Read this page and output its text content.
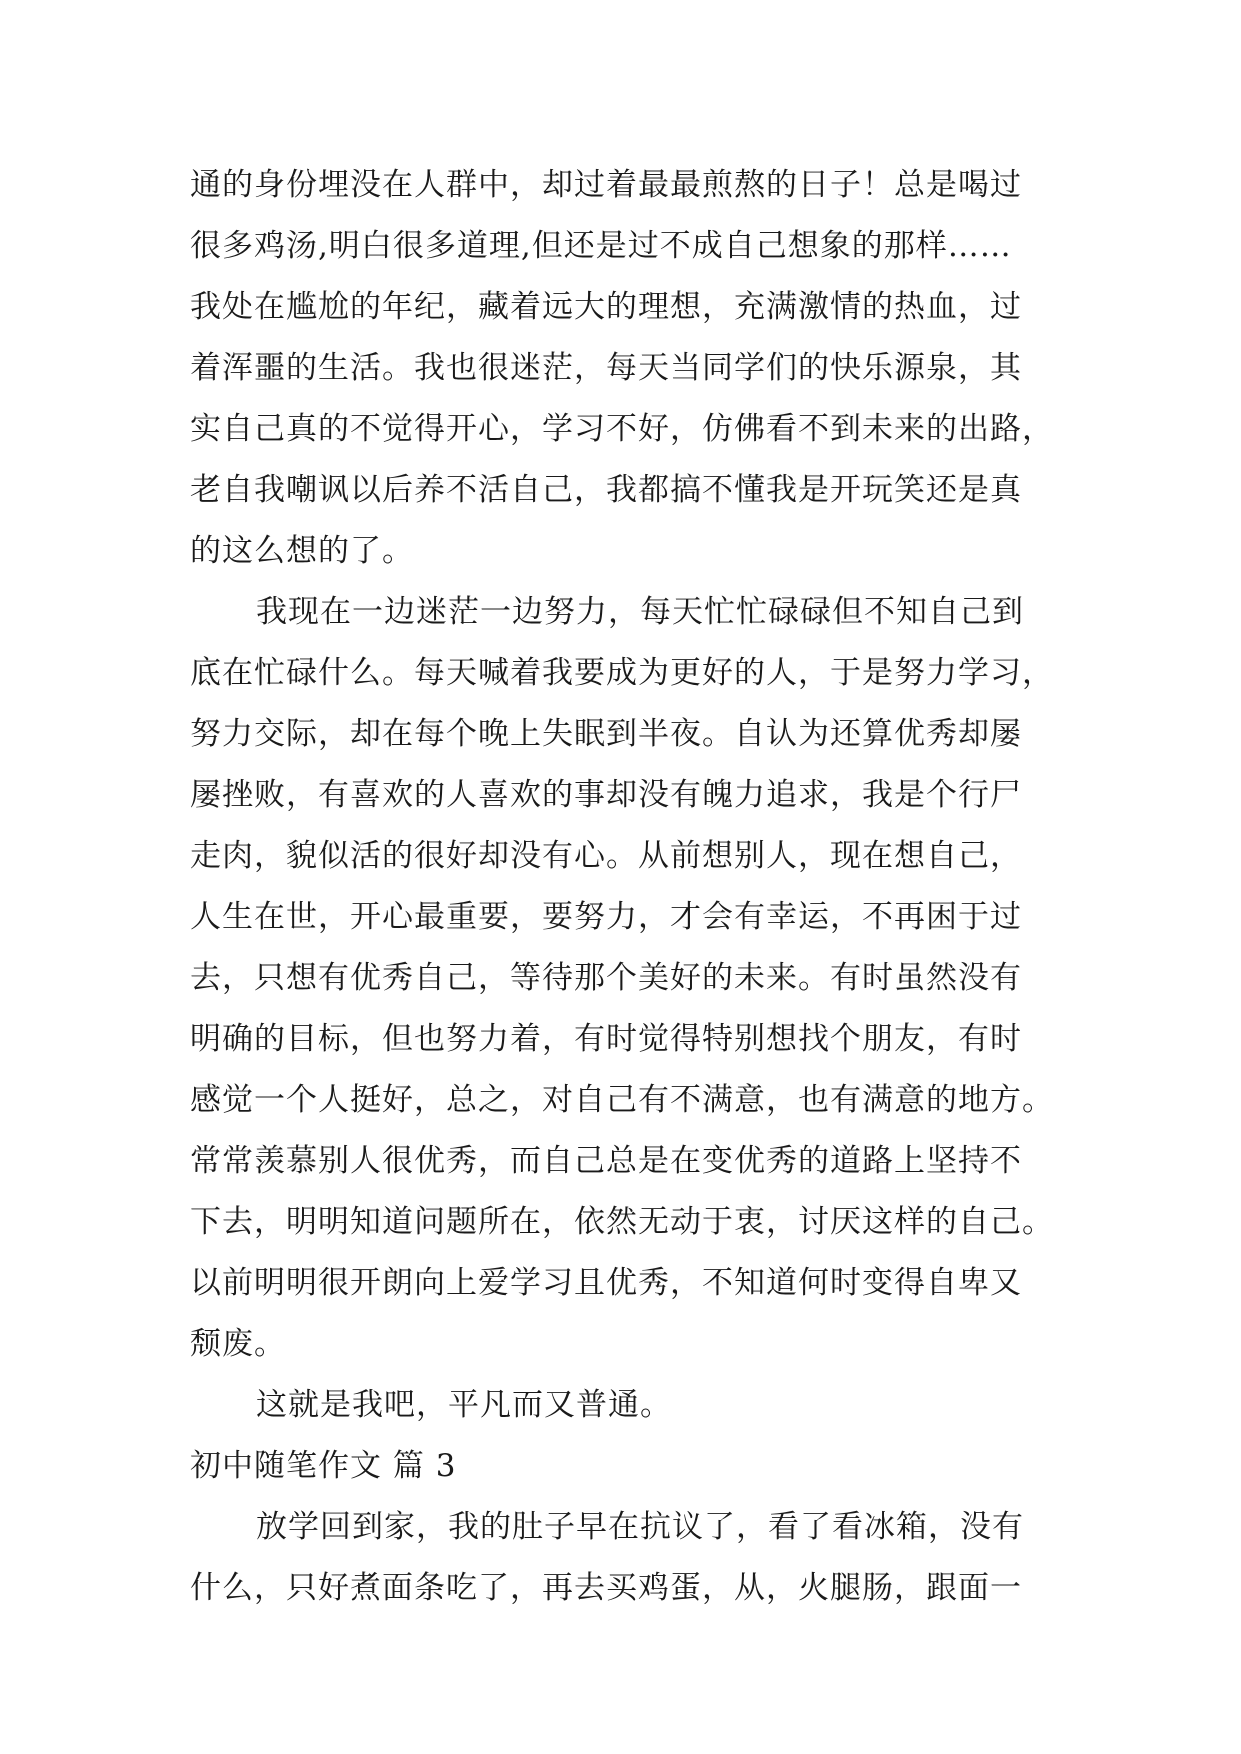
通的身份埋没在人群中，却过着最最煎熬的日子！总是喝过
很多鸡汤,明白很多道理,但还是过不成自己想象的那样……
我处在尴尬的年纪，藏着远大的理想，充满激情的热血，过
着浑噩的生活。我也很迷茫，每天当同学们的快乐源泉，其
实自己真的不觉得开心，学习不好，仿佛看不到未来的出路，
老自我嘲讽以后养不活自己，我都搞不懂我是开玩笑还是真
的这么想的了。
我现在一边迷茫一边努力，每天忙忙碌碌但不知自己到
底在忙碌什么。每天喊着我要成为更好的人，于是努力学习，
努力交际，却在每个晚上失眠到半夜。自认为还算优秀却屡
屡挫败，有喜欢的人喜欢的事却没有魄力追求，我是个行尸
走肉，貌似活的很好却没有心。从前想别人，现在想自己，
人生在世，开心最重要，要努力，才会有幸运，不再困于过
去，只想有优秀自己，等待那个美好的未来。有时虽然没有
明确的目标，但也努力着，有时觉得特别想找个朋友，有时
感觉一个人挺好，总之，对自己有不满意，也有满意的地方。
常常羡慕别人很优秀，而自己总是在变优秀的道路上坚持不
下去，明明知道问题所在，依然无动于衷，讨厌这样的自己。
以前明明很开朗向上爱学习且优秀，不知道何时变得自卑又
颓废。
这就是我吧，平凡而又普通。
初中随笔作文 篇 3
放学回到家，我的肚子早在抗议了，看了看冰箱，没有
什么，只好煮面条吃了，再去买鸡蛋，从，火腿肠，跟面一
